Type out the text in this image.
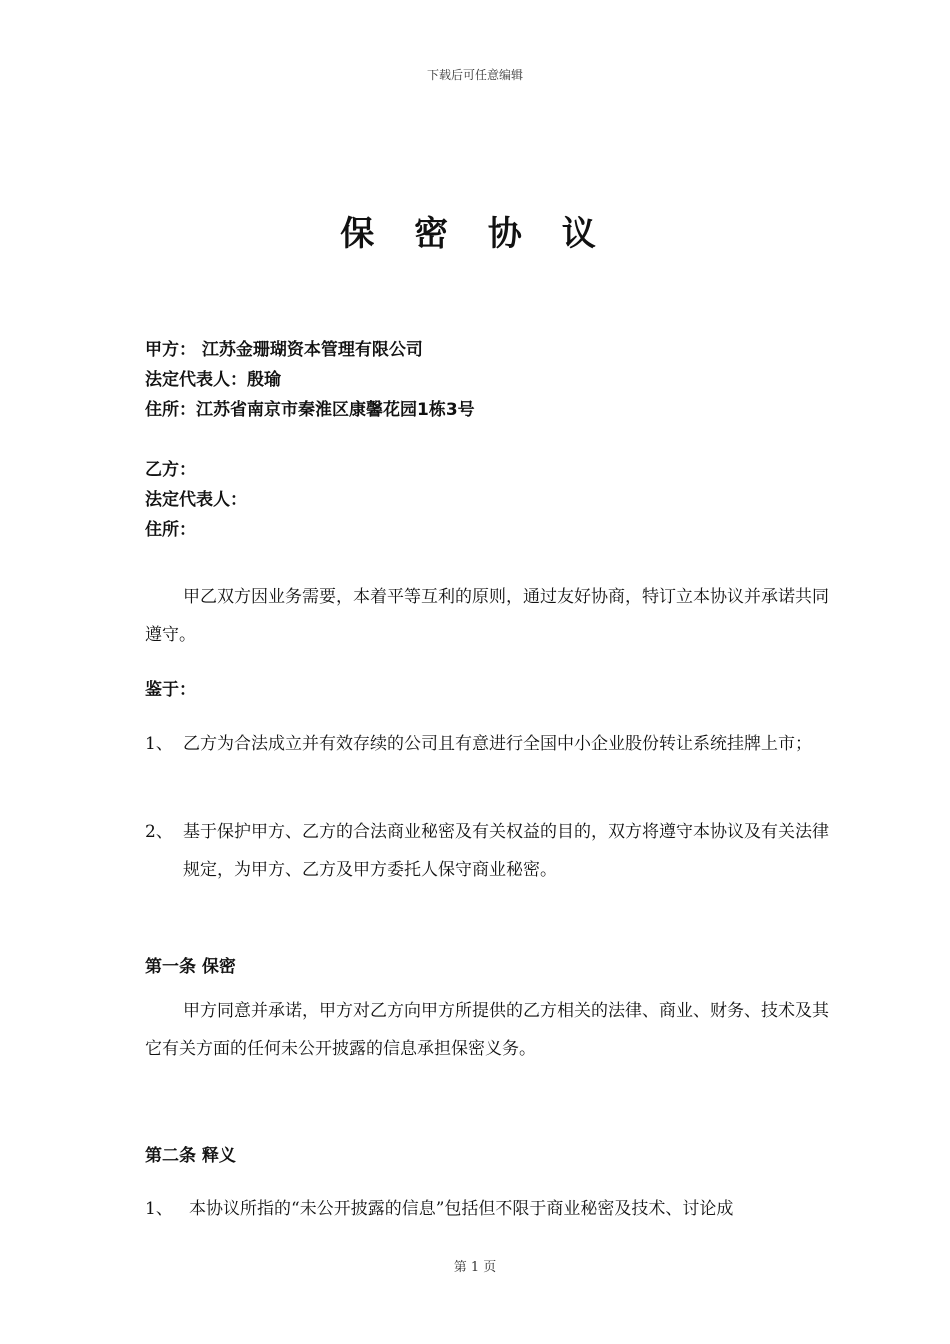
下载后可任意编辑
保 密 协 议
甲方： 江苏金珊瑚资本管理有限公司
法定代表人：殷瑜
住所：江苏省南京市秦淮区康馨花园1栋3号
乙方：
法定代表人：
住所：
甲乙双方因业务需要，本着平等互利的原则，通过友好协商，特订立本协议并承诺共同遵守。
鉴于：
1、 乙方为合法成立并有效存续的公司且有意进行全国中小企业股份转让系统挂牌上市；
2、 基于保护甲方、乙方的合法商业秘密及有关权益的目的，双方将遵守本协议及有关法律规定，为甲方、乙方及甲方委托人保守商业秘密。
第一条 保密
甲方同意并承诺，甲方对乙方向甲方所提供的乙方相关的法律、商业、财务、技术及其它有关方面的任何未公开披露的信息承担保密义务。
第二条 释义
1、 本协议所指的“未公开披露的信息”包括但不限于商业秘密及技术、讨论成
第 1 页
